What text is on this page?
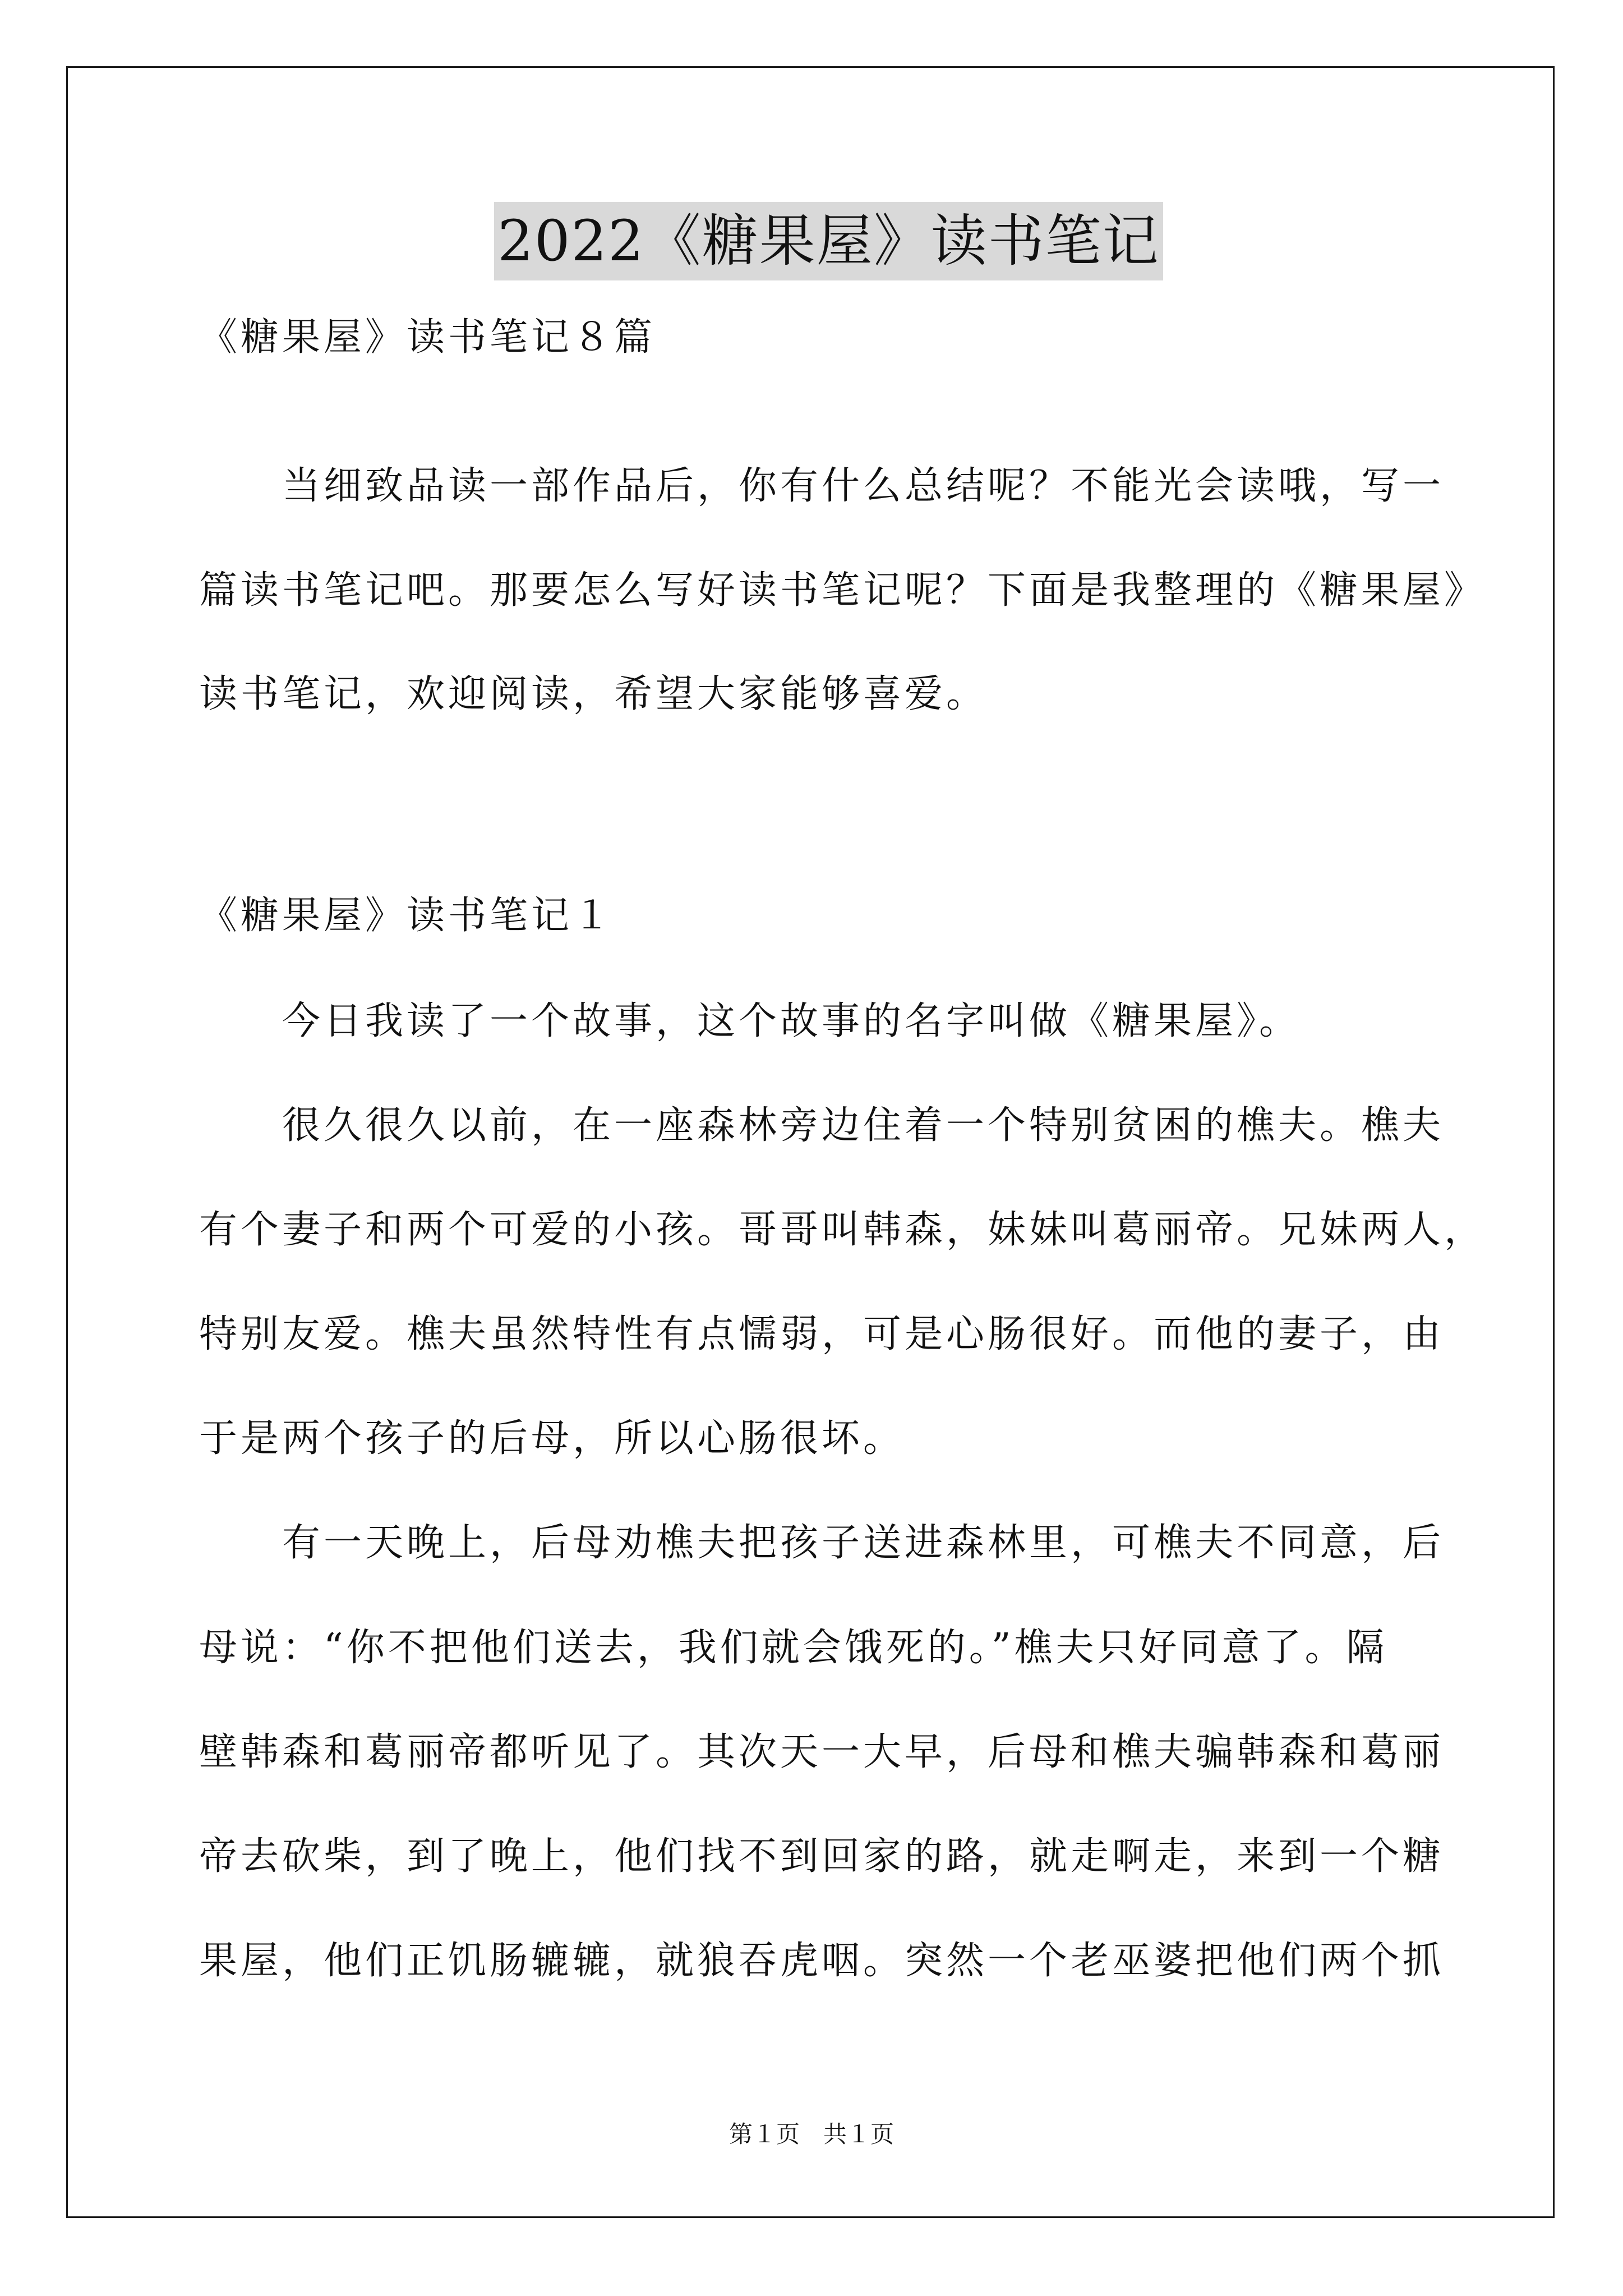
2022《糖果屋》读书笔记
《糖果屋》读书笔记８篇
当细致品读一部作品后，你有什么总结呢？不能光会读哦，写一
篇读书笔记吧。那要怎么写好读书笔记呢？下面是我整理的《糖果屋》
读书笔记，欢迎阅读，希望大家能够喜爱。
《糖果屋》读书笔记１
今日我读了一个故事，这个故事的名字叫做《糖果屋》。
很久很久以前，在一座森林旁边住着一个特别贫困的樵夫。樵夫
有个妻子和两个可爱的小孩。哥哥叫韩森，妹妹叫葛丽帝。兄妹两人，
特别友爱。樵夫虽然特性有点懦弱，可是心肠很好。而他的妻子，由
于是两个孩子的后母，所以心肠很坏。
有一天晚上，后母劝樵夫把孩子送进森林里，可樵夫不同意，后
母说：“你不把他们送去，我们就会饿死的。”樵夫只好同意了。隔
壁韩森和葛丽帝都听见了。其次天一大早，后母和樵夫骗韩森和葛丽
帝去砍柴，到了晚上，他们找不到回家的路，就走啊走，来到一个糖
果屋，他们正饥肠辘辘，就狼吞虎咽。突然一个老巫婆把他们两个抓
第１页　共１页
